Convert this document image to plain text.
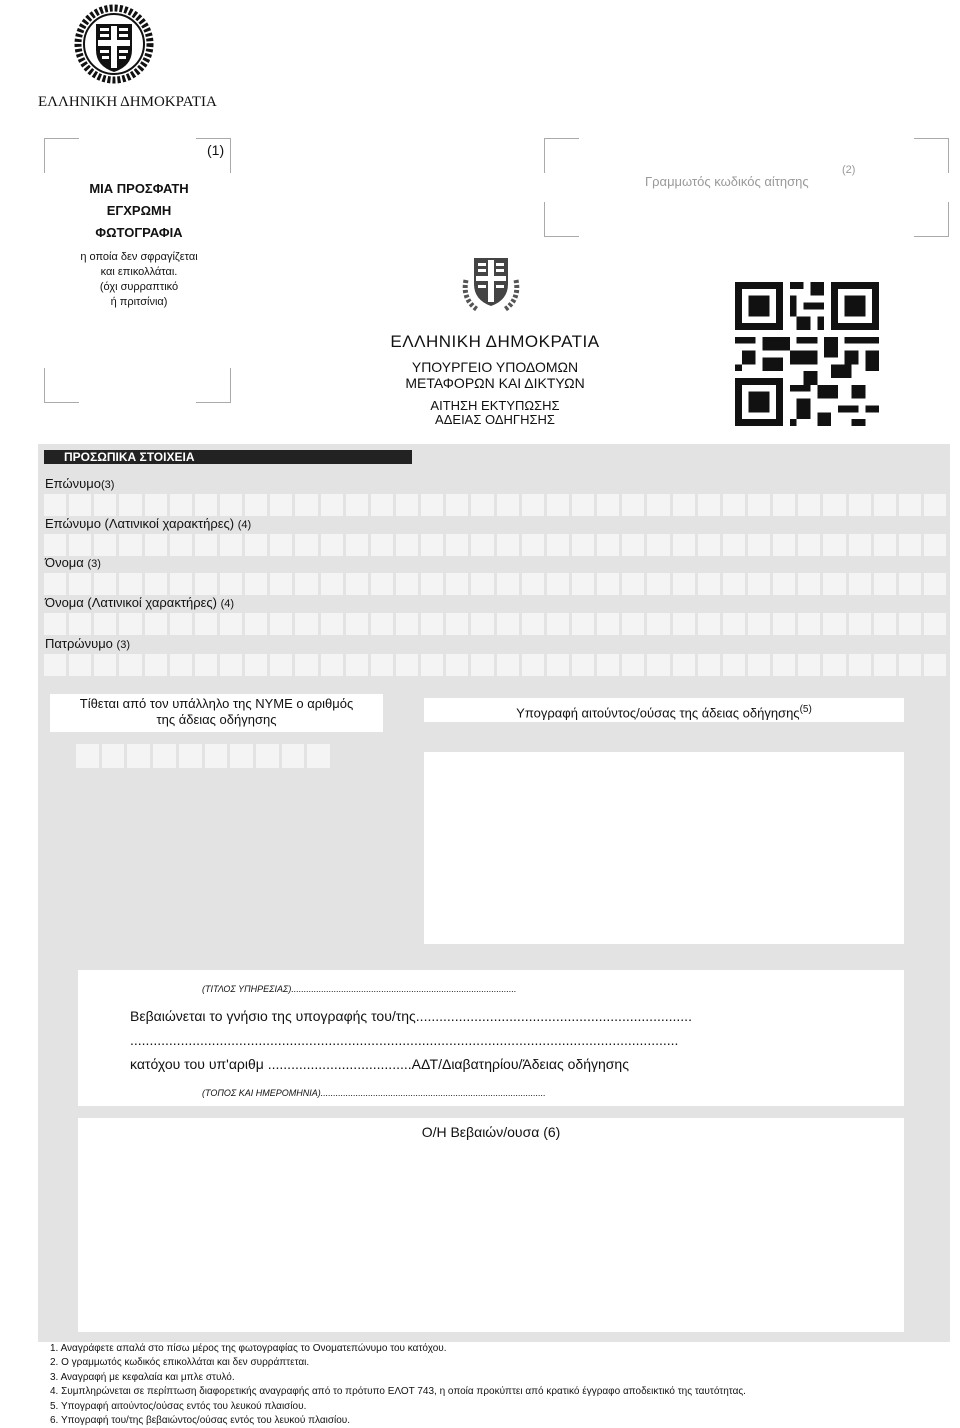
ΕΛΛΗΝΙΚΗ ΔΗΜΟΚΡΑΤΙΑ
(1)
ΜΙΑ ΠΡΟΣΦΑΤΗ
ΕΓΧΡΩΜΗ
ΦΩΤΟΓΡΑΦΙΑ
η οποία δεν σφραγίζεται
και επικολλάται.
(όχι συρραπτικό
ή πριτσίνια)
Γραμμωτός κωδικός αίτησης
(2)
ΕΛΛΗΝΙΚΗ ΔΗΜΟΚΡΑΤΙΑ
ΥΠΟΥΡΓΕΙΟ ΥΠΟΔΟΜΩΝ
ΜΕΤΑΦΟΡΩΝ ΚΑΙ ΔΙΚΤΥΩΝ
ΑΙΤΗΣΗ ΕΚΤΥΠΩΣΗΣ
ΑΔΕΙΑΣ ΟΔΗΓΗΣΗΣ
ΠΡΟΣΩΠΙΚΑ ΣΤΟΙΧΕΙΑ
Επώνυμο(3)
Επώνυμο (Λατινικοί χαρακτήρες) (4)
Όνομα (3)
Όνομα (Λατινικοί χαρακτήρες) (4)
Πατρώνυμο (3)
Τίθεται από τον υπάλληλο της ΝΥΜΕ ο αριθμός
της άδειας οδήγησης	Υπογραφή αιτούντος/ούσας της άδειας οδήγησης$^{(5)}$
(ΤΙΤΛΟΣ ΥΠΗΡΕΣΙΑΣ)..........................................................................................
Βεβαιώνεται το γνήσιο της υπογραφής του/της.......................................................................
.............................................................................................................................................
κατόχου του υπ'αριθμ .....................................ΑΔΤ/Διαβατηρίου/Άδειας οδήγησης
(ΤΟΠΟΣ ΚΑΙ ΗΜΕΡΟΜΗΝΙΑ)..........................................................................................
Ο/Η Βεβαιών/ουσα (6)
1. Αναγράφετε απαλά στο πίσω μέρος της φωτογραφίας το Ονοματεπώνυμο του κατόχου.
2. Ο γραμμωτός κωδικός επικολλάται και δεν συρράπτεται.
3. Αναγραφή με κεφαλαία και μπλε στυλό.
4. Συμπληρώνεται σε περίπτωση διαφορετικής αναγραφής από το πρότυπο ΕΛΟΤ 743, η οποία προκύπτει από κρατικό έγγραφο αποδεικτικό της ταυτότητας.
5. Υπογραφή αιτούντος/ούσας εντός του λευκού πλαισίου.
6. Υπογραφή του/της βεβαιώντος/ούσας εντός του λευκού πλαισίου.
